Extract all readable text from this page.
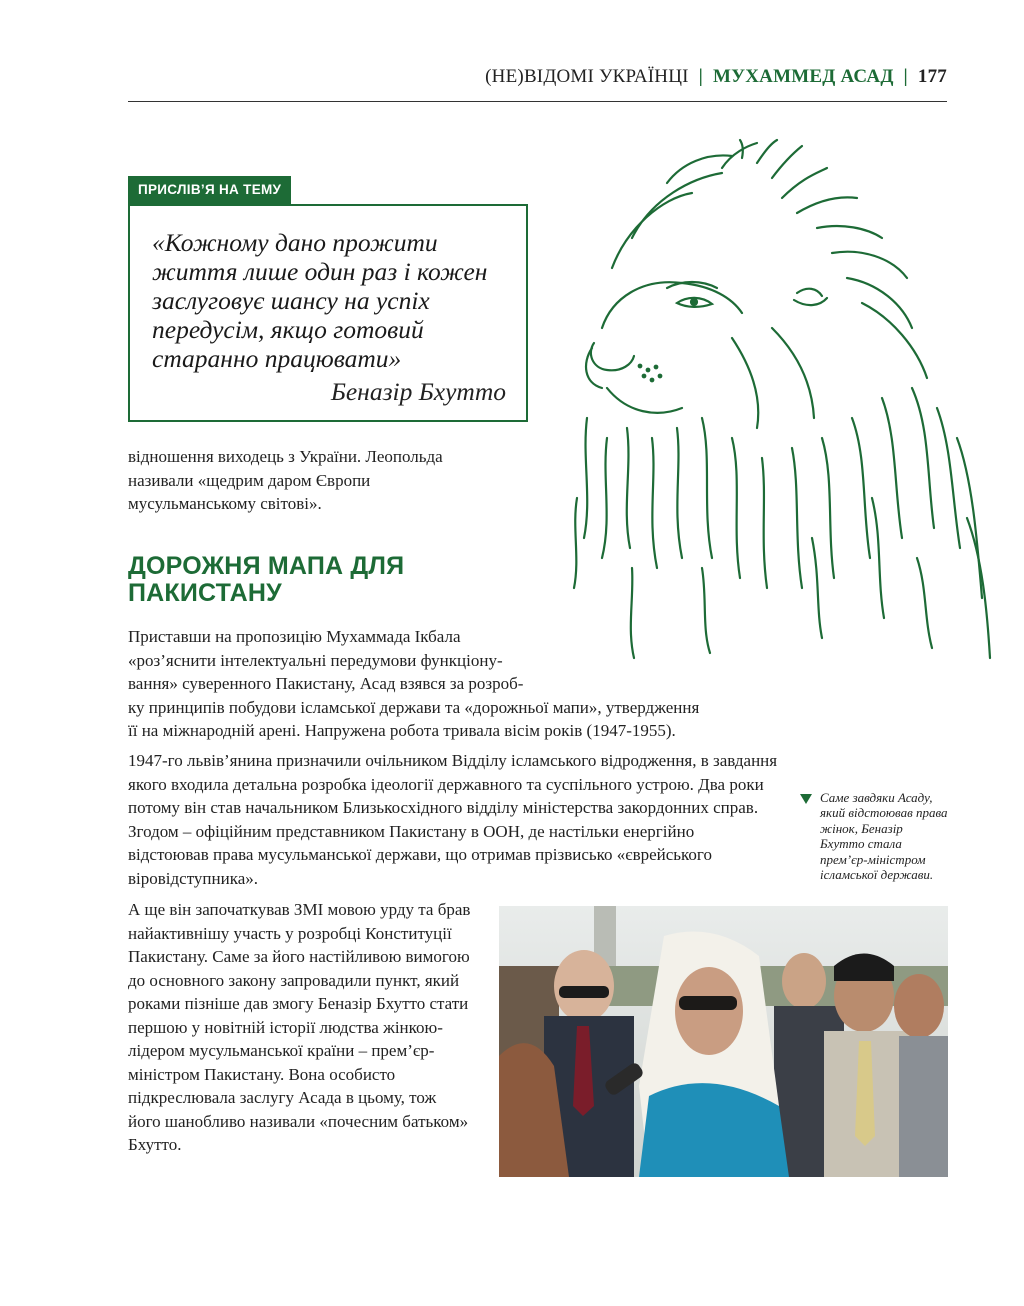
(НЕ)ВІДОМІ УКРАЇНЦІ | МУХАММЕД АСАД | 177
ПРИСЛІВ’Я НА ТЕМУ
«Кожному дано прожити життя лише один раз і кожен заслуговує шансу на успіх передусім, якщо готовий старанно працювати»
Беназір Бхутто
відношення виходець з України. Леопольда називали «щедрим даром Європи мусульманському світові».
ДОРОЖНЯ МАПА ДЛЯ ПАКИСТАНУ
Приставши на пропозицію Мухаммада Ікбала
«роз’яснити інтелектуальні передумови функціону-
вання» суверенного Пакистану, Асад взявся за розроб-
ку принципів побудови ісламської держави та «дорожньої мапи», утвердження
її на міжнародній арені. Напружена робота тривала вісім років (1947-1955).
1947-го львів’янина призначили очільником Відділу ісламського відродження, в завдання якого входила детальна розробка ідеології державного та суспільного устрою. Два роки потому він став начальником Близькосхідного відділу міністерства закордонних справ. Згодом – офіційним представником Пакистану в ООН, де настільки енергійно відстоював права мусульманської держави, що отримав прізвисько «єврейського віровідступника».
Саме завдяки Асаду, який відстоював права жінок, Беназір Бхутто стала прем’єр-міністром ісламської держави.
А ще він започаткував ЗМІ мовою урду та брав найактивнішу участь у розробці Конституції Пакистану. Саме за його настійливою вимогою до основного закону запровадили пункт, який роками пізніше дав змогу Беназір Бхутто стати першою у новітній історії людства жінкою-лідером мусульманської країни – прем’єр-міністром Пакистану. Вона особисто підкреслювала заслугу Асада в цьому, тож його шанобливо називали «почесним батьком» Бхутто.
